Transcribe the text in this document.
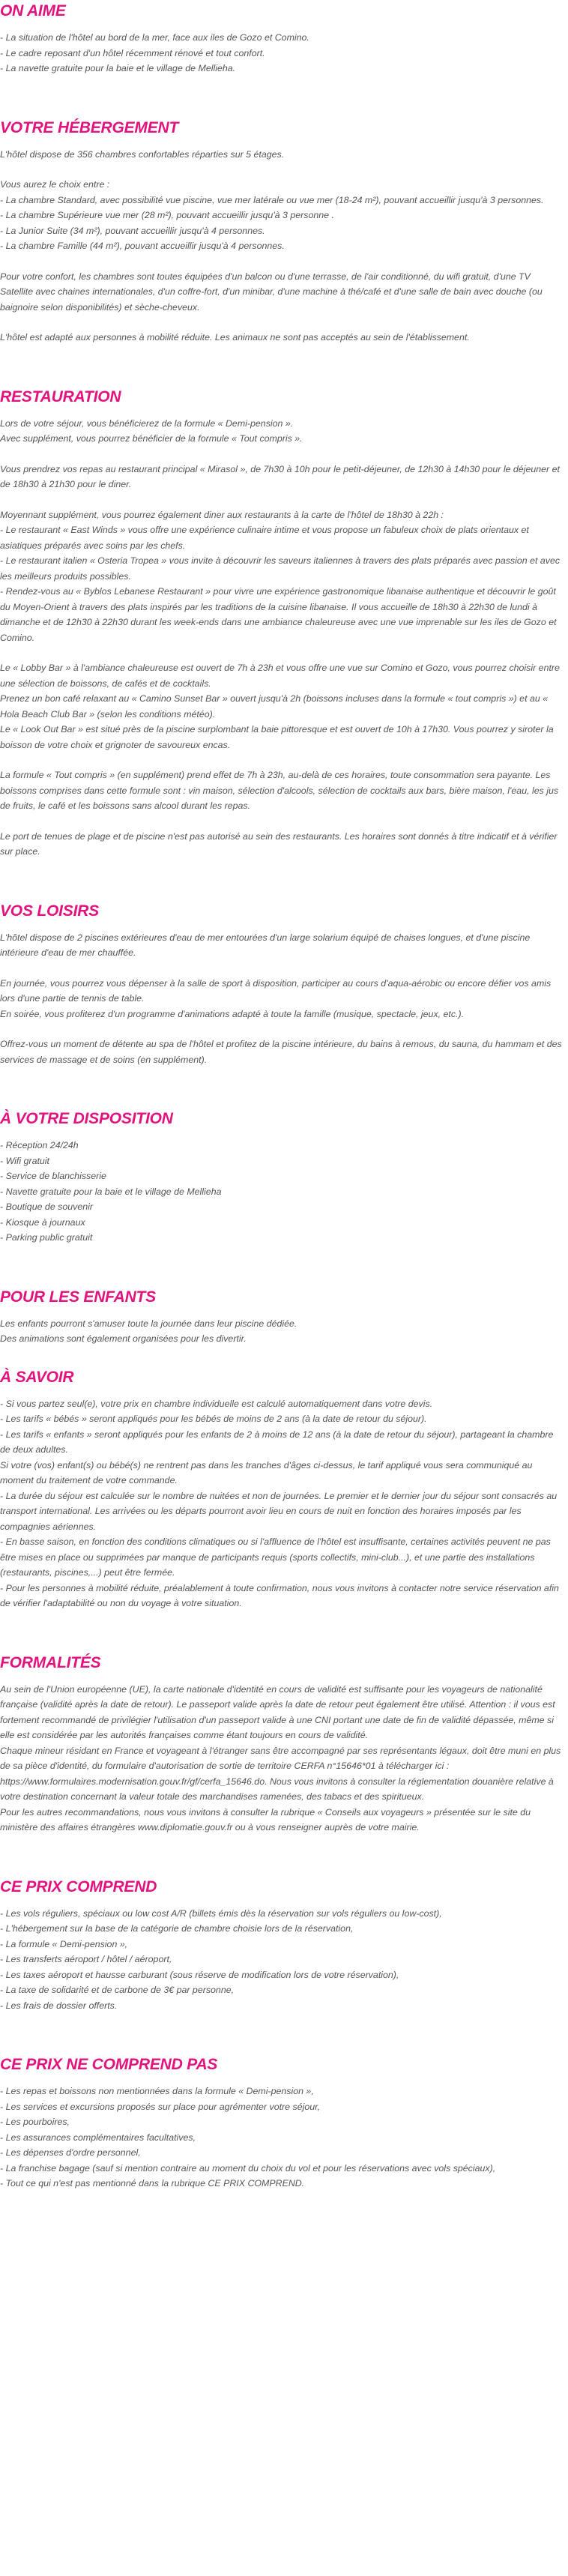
ON AIME

- La situation de l'hôtel au bord de la mer, face aux iles de Gozo et Comino.
- Le cadre reposant d'un hôtel récemment rénové et tout confort.
- La navette gratuite pour la baie et le village de Mellieha.

VOTRE HÉBERGEMENT

L'hôtel dispose de 356 chambres confortables réparties sur 5 étages.

Vous aurez le choix entre :
- La chambre Standard, avec possibilité vue piscine, vue mer latérale ou vue mer (18-24 m²), pouvant accueillir jusqu'à 3 personnes.
- La chambre Supérieure vue mer (28 m²), pouvant accueillir jusqu'à 3 personne .
- La Junior Suite (34 m²), pouvant accueillir jusqu'à 4 personnes.
- La chambre Famille (44 m²), pouvant accueillir jusqu'à 4 personnes.

Pour votre confort, les chambres sont toutes équipées d'un balcon ou d'une terrasse, de l'air conditionné, du wifi gratuit, d'une TV Satellite avec chaines internationales, d'un coffre-fort, d'un minibar, d'une machine à thé/café et d'une salle de bain avec douche (ou baignoire selon disponibilités) et sèche-cheveux.

L'hôtel est adapté aux personnes à mobilité réduite. Les animaux ne sont pas acceptés au sein de l'établissement.

RESTAURATION

Lors de votre séjour, vous bénéficierez de la formule « Demi-pension ».
Avec supplément, vous pourrez bénéficier de la formule « Tout compris ».

Vous prendrez vos repas au restaurant principal « Mirasol », de 7h30 à 10h pour le petit-déjeuner, de 12h30 à 14h30 pour le déjeuner et de 18h30 à 21h30 pour le diner.

Moyennant supplément, vous pourrez également diner aux restaurants à la carte de l'hôtel de 18h30 à 22h :
- Le restaurant « East Winds » vous offre une expérience culinaire intime et vous propose un fabuleux choix de plats orientaux et asiatiques préparés avec soins par les chefs.
- Le restaurant italien « Osteria Tropea » vous invite à découvrir les saveurs italiennes à travers des plats préparés avec passion et avec les meilleurs produits possibles.
- Rendez-vous au « Byblos Lebanese Restaurant » pour vivre une expérience gastronomique libanaise authentique et découvrir le goût du Moyen-Orient à travers des plats inspirés par les traditions de la cuisine libanaise. Il vous accueille de 18h30 à 22h30 de lundi à dimanche et de 12h30 à 22h30 durant les week-ends dans une ambiance chaleureuse avec une vue imprenable sur les iles de Gozo et Comino.

Le « Lobby Bar » à l'ambiance chaleureuse est ouvert de 7h à 23h et vous offre une vue sur Comino et Gozo, vous pourrez choisir entre une sélection de boissons, de cafés et de cocktails.
Prenez un bon café relaxant au « Camino Sunset Bar » ouvert jusqu'à 2h (boissons incluses dans la formule « tout compris ») et au « Hola Beach Club Bar » (selon les conditions météo).
Le « Look Out Bar » est situé près de la piscine surplombant la baie pittoresque et est ouvert de 10h à 17h30. Vous pourrez y siroter la boisson de votre choix et grignoter de savoureux encas.

La formule « Tout compris » (en supplément) prend effet de 7h à 23h, au-delà de ces horaires, toute consommation sera payante. Les boissons comprises dans cette formule sont : vin maison, sélection d'alcools, sélection de cocktails aux bars, bière maison, l'eau, les jus de fruits, le café et les boissons sans alcool durant les repas.

Le port de tenues de plage et de piscine n'est pas autorisé au sein des restaurants. Les horaires sont donnés à titre indicatif et à vérifier sur place.

VOS LOISIRS

L'hôtel dispose de 2 piscines extérieures d'eau de mer entourées d'un large solarium équipé de chaises longues, et d'une piscine intérieure d'eau de mer chauffée.

En journée, vous pourrez vous dépenser à la salle de sport à disposition, participer au cours d'aqua-aérobic ou encore défier vos amis lors d'une partie de tennis de table.
En soirée, vous profiterez d'un programme d'animations adapté à toute la famille (musique, spectacle, jeux, etc.).

Offrez-vous un moment de détente au spa de l'hôtel et profitez de la piscine intérieure, du bains à remous, du sauna, du hammam et des services de massage et de soins (en supplément).

À VOTRE DISPOSITION

- Réception 24/24h
- Wifi gratuit
- Service de blanchisserie
- Navette gratuite pour la baie et le village de Mellieha
- Boutique de souvenir
- Kiosque à journaux
- Parking public gratuit

POUR LES ENFANTS

Les enfants pourront s'amuser toute la journée dans leur piscine dédiée.
Des animations sont également organisées pour les divertir.

À SAVOIR

- Si vous partez seul(e), votre prix en chambre individuelle est calculé automatiquement dans votre devis.
- Les tarifs « bébés » seront appliqués pour les bébés de moins de 2 ans (à la date de retour du séjour).
- Les tarifs « enfants » seront appliqués pour les enfants de 2 à moins de 12 ans (à la date de retour du séjour), partageant la chambre de deux adultes.
Si votre (vos) enfant(s) ou bébé(s) ne rentrent pas dans les tranches d'âges ci-dessus, le tarif appliqué vous sera communiqué au moment du traitement de votre commande.
- La durée du séjour est calculée sur le nombre de nuitées et non de journées. Le premier et le dernier jour du séjour sont consacrés au transport international. Les arrivées ou les départs pourront avoir lieu en cours de nuit en fonction des horaires imposés par les compagnies aériennes.
- En basse saison, en fonction des conditions climatiques ou si l'affluence de l'hôtel est insuffisante, certaines activités peuvent ne pas être mises en place ou supprimées par manque de participants requis (sports collectifs, mini-club...), et une partie des installations (restaurants, piscines,...) peut être fermée.
- Pour les personnes à mobilité réduite, préalablement à toute confirmation, nous vous invitons à contacter notre service réservation afin de vérifier l'adaptabilité ou non du voyage à votre situation.

FORMALITÉS

Au sein de l'Union européenne (UE), la carte nationale d'identité en cours de validité est suffisante pour les voyageurs de nationalité française (validité après la date de retour). Le passeport valide après la date de retour peut également être utilisé. Attention : il vous est fortement recommandé de privilégier l'utilisation d'un passeport valide à une CNI portant une date de fin de validité dépassée, même si elle est considérée par les autorités françaises comme étant toujours en cours de validité.
Chaque mineur résidant en France et voyageant à l'étranger sans être accompagné par ses représentants légaux, doit être muni en plus de sa pièce d'identité, du formulaire d'autorisation de sortie de territoire CERFA n°15646*01 à télécharger ici :
https://www.formulaires.modernisation.gouv.fr/gf/cerfa_15646.do. Nous vous invitons à consulter la réglementation douanière relative à votre destination concernant la valeur totale des marchandises ramenées, des tabacs et des spiritueux.
Pour les autres recommandations, nous vous invitons à consulter la rubrique « Conseils aux voyageurs » présentée sur le site du ministère des affaires étrangères www.diplomatie.gouv.fr ou à vous renseigner auprès de votre mairie.

CE PRIX COMPREND

- Les vols réguliers, spéciaux ou low cost A/R (billets émis dès la réservation sur vols réguliers ou low-cost),
- L'hébergement sur la base de la catégorie de chambre choisie lors de la réservation,
- La formule « Demi-pension »,
- Les transferts aéroport / hôtel / aéroport,
- Les taxes aéroport et hausse carburant (sous réserve de modification lors de votre réservation),
- La taxe de solidarité et de carbone de 3€ par personne,
- Les frais de dossier offerts.

CE PRIX NE COMPREND PAS

- Les repas et boissons non mentionnées dans la formule « Demi-pension »,
- Les services et excursions proposés sur place pour agrémenter votre séjour,
- Les pourboires,
- Les assurances complémentaires facultatives,
- Les dépenses d'ordre personnel,
- La franchise bagage (sauf si mention contraire au moment du choix du vol et pour les réservations avec vols spéciaux),
- Tout ce qui n'est pas mentionné dans la rubrique CE PRIX COMPREND.
